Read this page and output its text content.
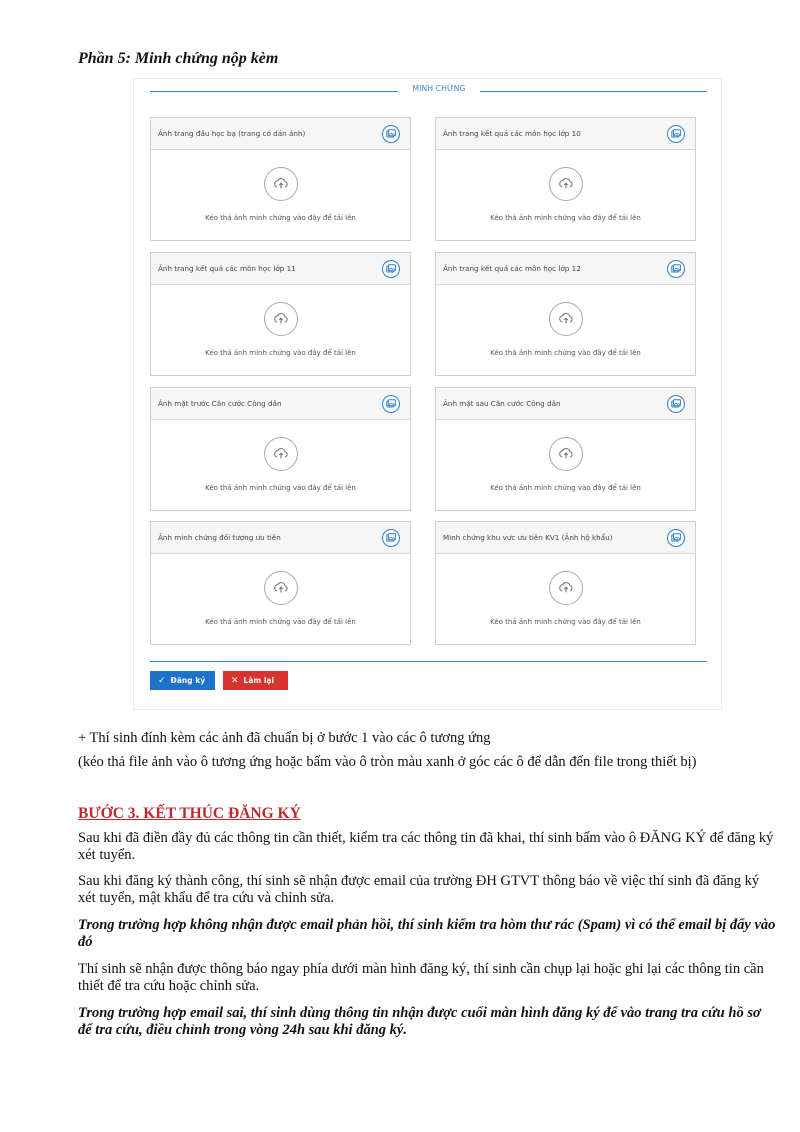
Phần 5: Minh chứng nộp kèm
MINH CHỨNG
Ảnh trang đầu học bạ (trang có dán ảnh)
Kéo thả ảnh minh chứng vào đây để tải lên
Ảnh trang kết quả các môn học lớp 10
Kéo thả ảnh minh chứng vào đây để tải lên
Ảnh trang kết quả các môn học lớp 11
Kéo thả ảnh minh chứng vào đây để tải lên
Ảnh trang kết quả các môn học lớp 12
Kéo thả ảnh minh chứng vào đây để tải lên
Ảnh mặt trước Căn cước Công dân
Kéo thả ảnh minh chứng vào đây để tải lên
Ảnh mặt sau Căn cước Công dân
Kéo thả ảnh minh chứng vào đây để tải lên
Ảnh minh chứng đối tượng ưu tiên
Kéo thả ảnh minh chứng vào đây để tải lên
Minh chứng khu vực ưu tiên KV1 (Ảnh hộ khẩu)
Kéo thả ảnh minh chứng vào đây để tải lên
✓ Đăng ký	✕ Làm lại
+ Thí sinh đính kèm các ảnh đã chuẩn bị ở bước 1 vào các ô tương ứng
(kéo thả file ảnh vào ô tương ứng hoặc bấm vào ô tròn màu xanh ở góc các ô để dẫn đến file trong thiết bị)
BƯỚC 3. KẾT THÚC ĐĂNG KÝ
Sau khi đã điền đầy đủ các thông tin cần thiết, kiểm tra các thông tin đã khai, thí sinh bấm vào ô ĐĂNG KÝ để đăng ký xét tuyển.
Sau khi đăng ký thành công, thí sinh sẽ nhận được email của trường ĐH GTVT thông báo về việc thí sinh đã đăng ký xét tuyển, mật khẩu để tra cứu và chỉnh sửa.
Trong trường hợp không nhận được email phản hồi, thí sinh kiểm tra hòm thư rác (Spam) vì có thể email bị đẩy vào đó
Thí sinh sẽ nhận được thông báo ngay phía dưới màn hình đăng ký, thí sinh cần chụp lại hoặc ghi lại các thông tin cần thiết để tra cứu hoặc chỉnh sửa.
Trong trường hợp email sai, thí sinh dùng thông tin nhận được cuối màn hình đăng ký để vào trang tra cứu hồ sơ để tra cứu, điều chỉnh trong vòng 24h sau khi đăng ký.
